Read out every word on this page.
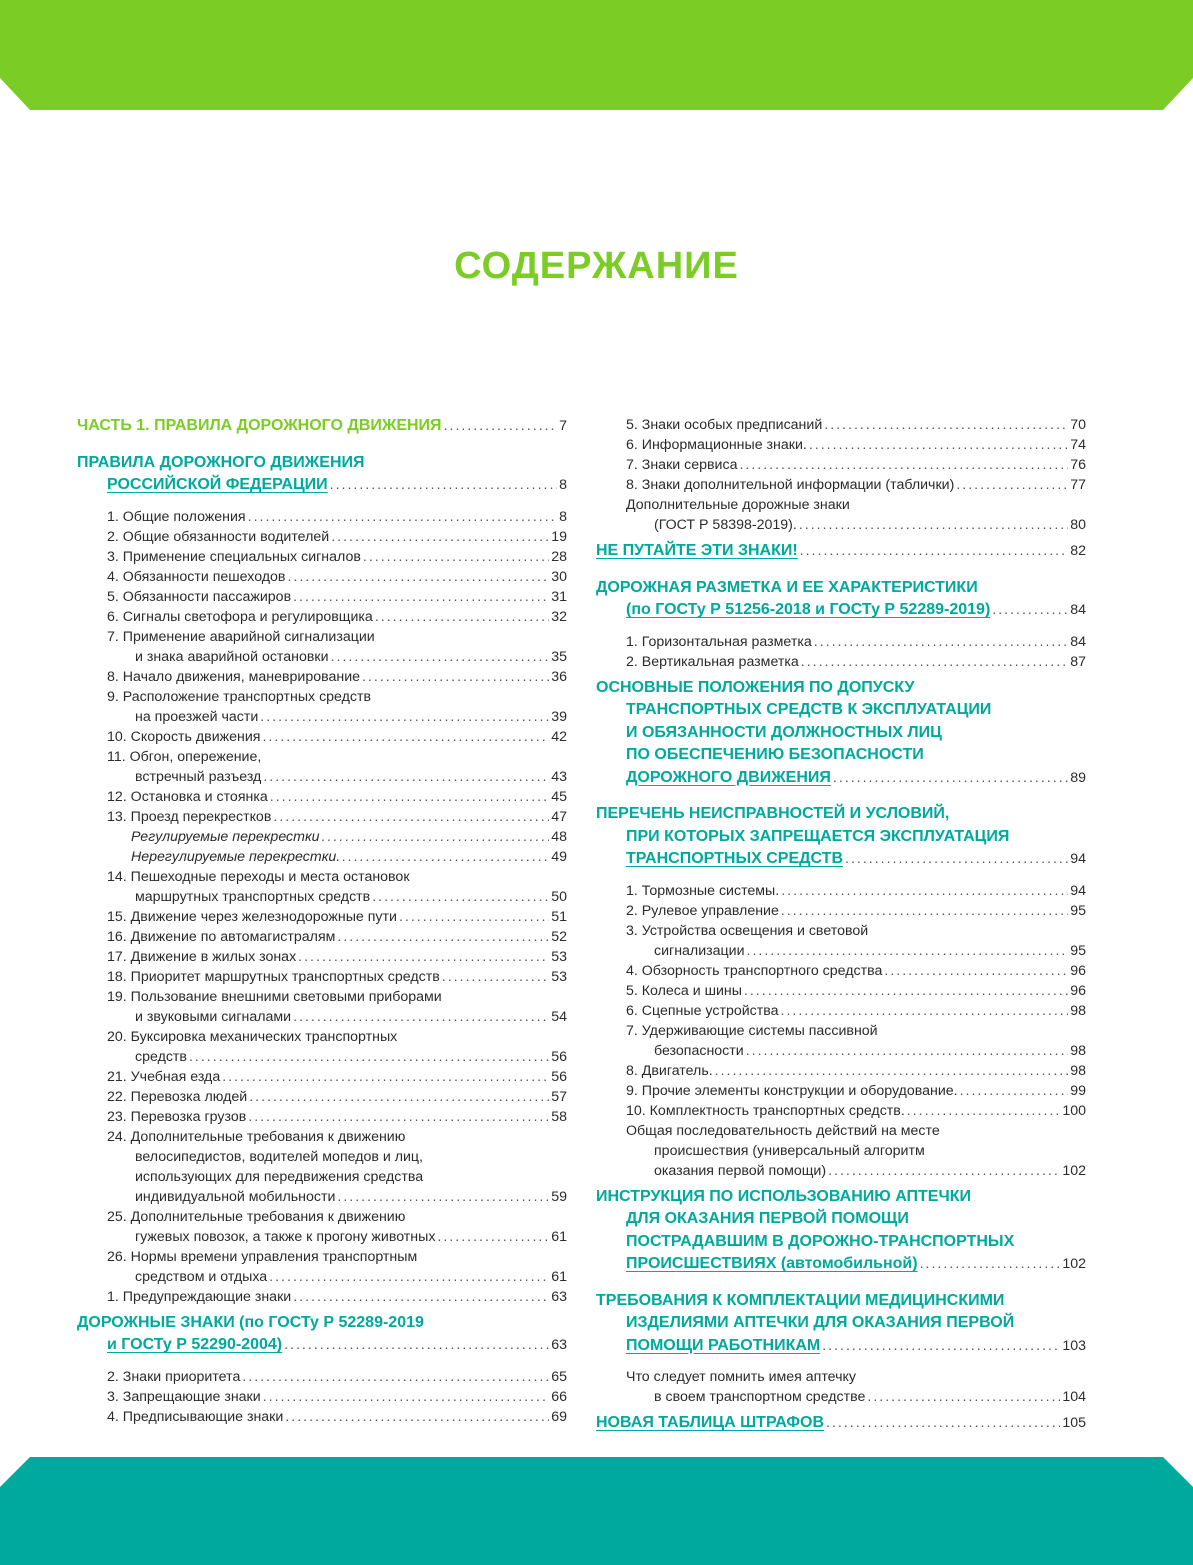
СОДЕРЖАНИЕ
ЧАСТЬ 1. ПРАВИЛА ДОРОЖНОГО ДВИЖЕНИЯ .....	7
ПРАВИЛА ДОРОЖНОГО ДВИЖЕНИЯ
РОССИЙСКОЙ ФЕДЕРАЦИИ .....	8
1. Общие положения .....	8
2. Общие обязанности водителей .....	19
3. Применение специальных сигналов .....	28
4. Обязанности пешеходов .....	30
5. Обязанности пассажиров .....	31
6. Сигналы светофора и регулировщика .....	32
7. Применение аварийной сигнализации
и знака аварийной остановки .....	35
8. Начало движения, маневрирование .....	36
9. Расположение транспортных средств
на проезжей части .....	39
10. Скорость движения .....	42
11. Обгон, опережение,
встречный разъезд .....	43
12. Остановка и стоянка .....	45
13. Проезд перекрестков .....	47
Регулируемые перекрестки .....	48
Нерегулируемые перекрестки. .....	49
14. Пешеходные переходы и места остановок
маршрутных транспортных средств .....	50
15. Движение через железнодорожные пути .....	51
16. Движение по автомагистралям .....	52
17. Движение в жилых зонах .....	53
18. Приоритет маршрутных транспортных средств .....	53
19. Пользование внешними световыми приборами
и звуковыми сигналами .....	54
20. Буксировка механических транспортных
средств .....	56
21. Учебная езда .....	56
22. Перевозка людей .....	57
23. Перевозка грузов .....	58
24. Дополнительные требования к движению
велосипедистов, водителей мопедов и лиц,
использующих для передвижения средства
индивидуальной мобильности .....	59
25. Дополнительные требования к движению
гужевых повозок, а также к прогону животных .....	61
26. Нормы времени управления транспортным
средством и отдыха .....	61
1. Предупреждающие знаки .....	63
ДОРОЖНЫЕ ЗНАКИ (по ГОСТу Р 52289-2019
и ГОСТу Р 52290-2004) .....	63
2. Знаки приоритета .....	65
3. Запрещающие знаки .....	66
4. Предписывающие знаки .....	69
5. Знаки особых предписаний .....	70
6. Информационные знаки. .....	74
7. Знаки сервиса .....	76
8. Знаки дополнительной информации (таблички) .....	77
Дополнительные дорожные знаки
(ГОСТ Р 58398-2019). .....	80
НЕ ПУТАЙТЕ ЭТИ ЗНАКИ! .....	82
ДОРОЖНАЯ РАЗМЕТКА И ЕЕ ХАРАКТЕРИСТИКИ
(по ГОСТу Р 51256-2018 и ГОСТу Р 52289-2019) .....	84
1. Горизонтальная разметка .....	84
2. Вертикальная разметка .....	87
ОСНОВНЫЕ ПОЛОЖЕНИЯ ПО ДОПУСКУ
ТРАНСПОРТНЫХ СРЕДСТВ К ЭКСПЛУАТАЦИИ
И ОБЯЗАННОСТИ ДОЛЖНОСТНЫХ ЛИЦ
ПО ОБЕСПЕЧЕНИЮ БЕЗОПАСНОСТИ
ДОРОЖНОГО ДВИЖЕНИЯ .....	89
ПЕРЕЧЕНЬ НЕИСПРАВНОСТЕЙ И УСЛОВИЙ,
ПРИ КОТОРЫХ ЗАПРЕЩАЕТСЯ ЭКСПЛУАТАЦИЯ
ТРАНСПОРТНЫХ СРЕДСТВ .....	94
1. Тормозные системы. .....	94
2. Рулевое управление .....	95
3. Устройства освещения и световой
сигнализации .....	95
4. Обзорность транспортного средства .....	96
5. Колеса и шины .....	96
6. Сцепные устройства .....	98
7. Удерживающие системы пассивной
безопасности .....	98
8. Двигатель. .....	98
9. Прочие элементы конструкции и оборудование. .....	99
10. Комплектность транспортных средств. .....	100
Общая последовательность действий на месте
происшествия (универсальный алгоритм
оказания первой помощи) .....	102
ИНСТРУКЦИЯ ПО ИСПОЛЬЗОВАНИЮ АПТЕЧКИ
ДЛЯ ОКАЗАНИЯ ПЕРВОЙ ПОМОЩИ
ПОСТРАДАВШИМ В ДОРОЖНО-ТРАНСПОРТНЫХ
ПРОИСШЕСТВИЯХ (автомобильной) .....	102
ТРЕБОВАНИЯ К КОМПЛЕКТАЦИИ МЕДИЦИНСКИМИ
ИЗДЕЛИЯМИ АПТЕЧКИ ДЛЯ ОКАЗАНИЯ ПЕРВОЙ
ПОМОЩИ РАБОТНИКАМ .....	103
Что следует помнить имея аптечку
в своем транспортном средстве .....	104
НОВАЯ ТАБЛИЦА ШТРАФОВ .....	105
